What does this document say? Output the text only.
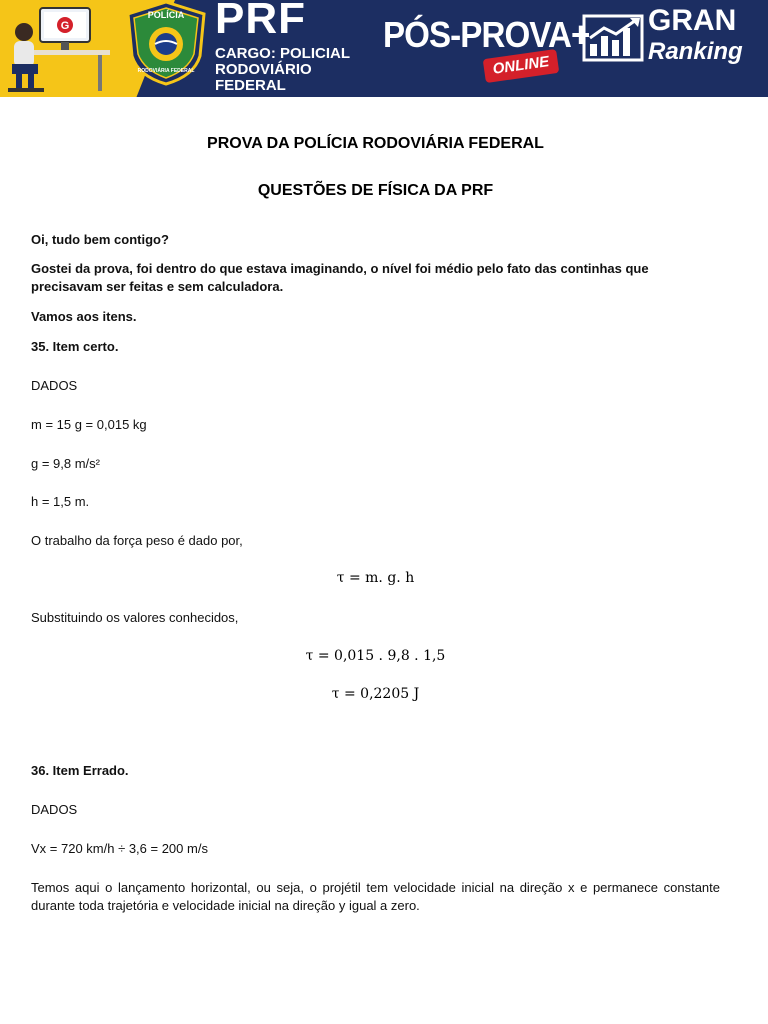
G
POLÍCIA
RODOVIÁRIA FEDERAL
PRF
CARGO: POLICIAL
RODOVIÁRIO FEDERAL
PÓS-PROVA+
ONLINE
GRAN
Ranking
PROVA DA POLÍCIA RODOVIÁRIA FEDERAL
QUESTÕES DE FÍSICA DA PRF
Oi, tudo bem contigo?
Gostei da prova, foi dentro do que estava imaginando, o nível foi médio pelo fato das continhas que precisavam ser feitas e sem calculadora.
Vamos aos itens.
35. Item certo.
DADOS
m = 15 g = 0,015 kg
g = 9,8 m/s²
h = 1,5 m.
O trabalho da força peso é dado por,
τ = m. g. h
Substituindo os valores conhecidos,
τ = 0,015 . 9,8 . 1,5
τ = 0,2205 J
36. Item Errado.
DADOS
Vx = 720 km/h ÷ 3,6 = 200 m/s
Temos aqui o lançamento horizontal, ou seja, o projétil tem velocidade inicial na direção x e permanece constante durante toda trajetória e velocidade inicial na direção y igual a zero.
